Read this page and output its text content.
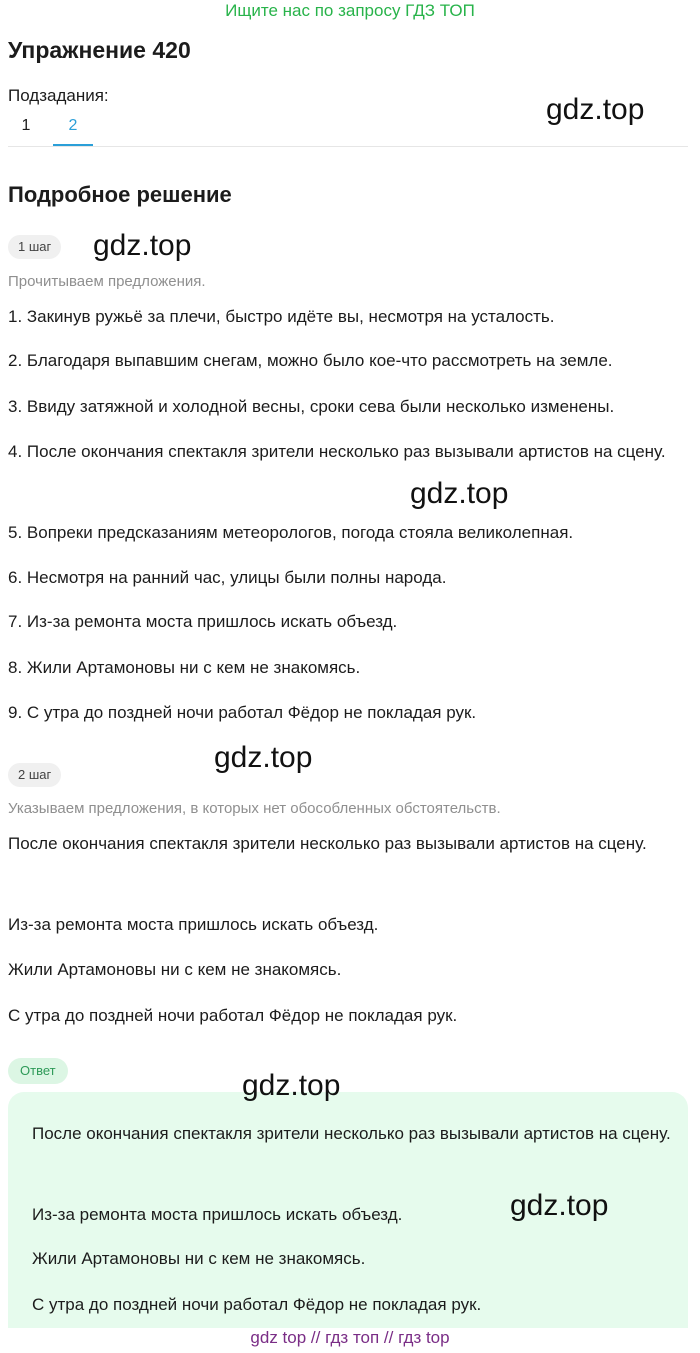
Ищите нас по запросу ГДЗ ТОП
Упражнение 420
Подзадания:
1	2
Подробное решение
1 шаг
Прочитываем предложения.
1. Закинув ружьё за плечи, быстро идёте вы, несмотря на усталость.
2. Благодаря выпавшим снегам, можно было кое-что рассмотреть на земле.
3. Ввиду затяжной и холодной весны, сроки сева были несколько изменены.
4. После окончания спектакля зрители несколько раз вызывали артистов на сцену.
5. Вопреки предсказаниям метеорологов, погода стояла великолепная.
6. Несмотря на ранний час, улицы были полны народа.
7. Из-за ремонта моста пришлось искать объезд.
8. Жили Артамоновы ни с кем не знакомясь.
9. С утра до поздней ночи работал Фёдор не покладая рук.
2 шаг
Указываем предложения, в которых нет обособленных обстоятельств.
После окончания спектакля зрители несколько раз вызывали артистов на сцену.
Из-за ремонта моста пришлось искать объезд.
Жили Артамоновы ни с кем не знакомясь.
С утра до поздней ночи работал Фёдор не покладая рук.
Ответ
После окончания спектакля зрители несколько раз вызывали артистов на сцену.
Из-за ремонта моста пришлось искать объезд.
Жили Артамоновы ни с кем не знакомясь.
С утра до поздней ночи работал Фёдор не покладая рук.
gdz.top
gdz.top
gdz.top
gdz.top
gdz.top
gdz.top
gdz top // гдз топ // гдз top
